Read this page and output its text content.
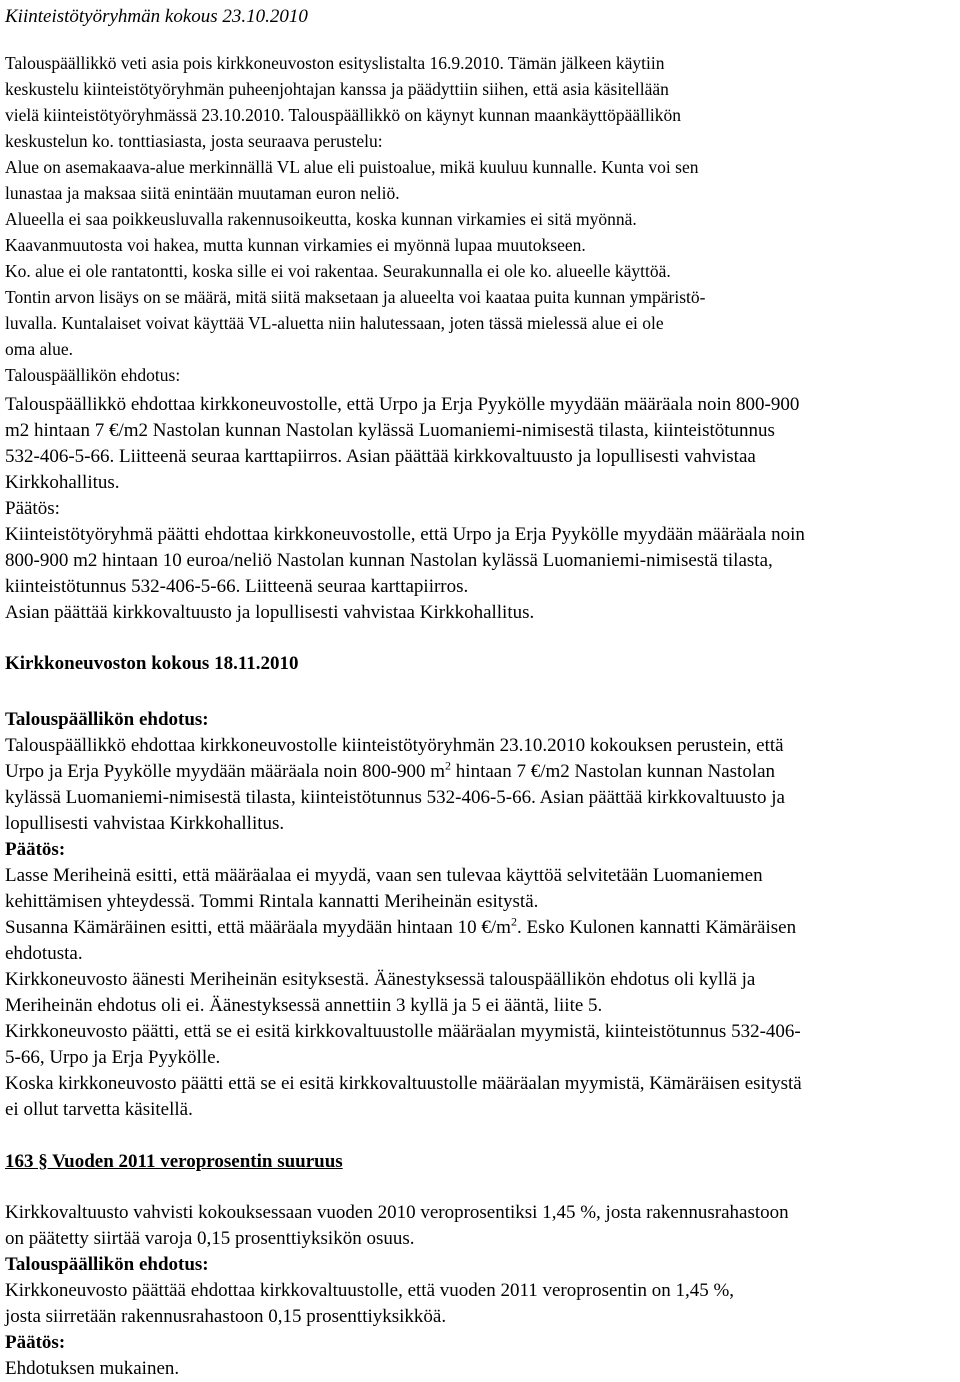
Kiinteistötyöryhmän kokous 23.10.2010

Talouspäällikkö veti asia pois kirkkoneuvoston esityslistalta 16.9.2010. Tämän jälkeen käytiin

keskustelu kiinteistötyöryhmän puheenjohtajan kanssa ja päädyttiin siihen, että asia käsitellään

vielä kiinteistötyöryhmässä 23.10.2010. Talouspäällikkö on käynyt kunnan maankäyttöpäällikön

keskustelun ko. tonttiasiasta, josta seuraava perustelu:

Alue on asemakaava-alue merkinnällä VL alue eli puistoalue, mikä kuuluu kunnalle. Kunta voi sen

lunastaa ja maksaa siitä enintään muutaman euron neliö.

Alueella ei saa poikkeusluvalla rakennusoikeutta, koska kunnan virkamies ei sitä myönnä.

Kaavanmuutosta voi hakea, mutta kunnan virkamies ei myönnä lupaa muutokseen.

Ko. alue ei ole rantatontti, koska sille ei voi rakentaa. Seurakunnalla ei ole ko. alueelle käyttöä.

Tontin arvon lisäys on se määrä, mitä siitä maksetaan ja alueelta voi kaataa puita kunnan ympäristö-

luvalla. Kuntalaiset voivat käyttää VL-aluetta niin halutessaan, joten tässä mielessä alue ei ole

oma alue.

Talouspäällikön ehdotus:

Talouspäällikkö ehdottaa kirkkoneuvostolle, että Urpo ja Erja Pyykölle myydään määräala noin 800-900

m2 hintaan 7 €/m2 Nastolan kunnan Nastolan kylässä Luomaniemi-nimisestä tilasta, kiinteistötunnus

532-406-5-66. Liitteenä seuraa karttapiirros. Asian päättää kirkkovaltuusto ja lopullisesti vahvistaa

Kirkkohallitus.

Päätös:

Kiinteistötyöryhmä päätti ehdottaa kirkkoneuvostolle, että Urpo ja Erja Pyykölle myydään määräala noin

800-900 m2 hintaan 10 euroa/neliö Nastolan kunnan Nastolan kylässä Luomaniemi-nimisestä tilasta,

kiinteistötunnus 532-406-5-66. Liitteenä seuraa karttapiirros.

Asian päättää kirkkovaltuusto ja lopullisesti vahvistaa Kirkkohallitus.

Kirkkoneuvoston kokous 18.11.2010

Talouspäällikön ehdotus:

Talouspäällikkö ehdottaa kirkkoneuvostolle kiinteistötyöryhmän 23.10.2010 kokouksen perustein, että

Urpo ja Erja Pyykölle myydään määräala noin 800-900 $m^2$ hintaan 7 €/m2 Nastolan kunnan Nastolan

kylässä Luomaniemi-nimisestä tilasta, kiinteistötunnus 532-406-5-66. Asian päättää kirkkovaltuusto ja

lopullisesti vahvistaa Kirkkohallitus.

Päätös:

Lasse Meriheinä esitti, että määräalaa ei myydä, vaan sen tulevaa käyttöä selvitetään Luomaniemen

kehittämisen yhteydessä. Tommi Rintala kannatti Meriheinän esitystä.

Susanna Kämäräinen esitti, että määräala myydään hintaan 10 $€/m^2$. Esko Kulonen kannatti Kämäräisen

ehdotusta.

Kirkkoneuvosto äänesti Meriheinän esityksestä. Äänestyksessä talouspäällikön ehdotus oli kyllä ja

Meriheinän ehdotus oli ei. Äänestyksessä annettiin 3 kyllä ja 5 ei ääntä, liite 5.

Kirkkoneuvosto päätti, että se ei esitä kirkkovaltuustolle määräalan myymistä, kiinteistötunnus 532-406-

5-66, Urpo ja Erja Pyykölle.

Koska kirkkoneuvosto päätti että se ei esitä kirkkovaltuustolle määräalan myymistä, Kämäräisen esitystä

ei ollut tarvetta käsitellä.

163 § Vuoden 2011 veroprosentin suuruus

Kirkkovaltuusto vahvisti kokouksessaan vuoden 2010 veroprosentiksi 1,45 %, josta rakennusrahastoon

on päätetty siirtää varoja 0,15 prosenttiyksikön osuus.

Talouspäällikön ehdotus:

Kirkkoneuvosto päättää ehdottaa kirkkovaltuustolle, että vuoden 2011 veroprosentin on 1,45 %,

josta siirretään rakennusrahastoon 0,15 prosenttiyksikköä.

Päätös:

Ehdotuksen mukainen.
